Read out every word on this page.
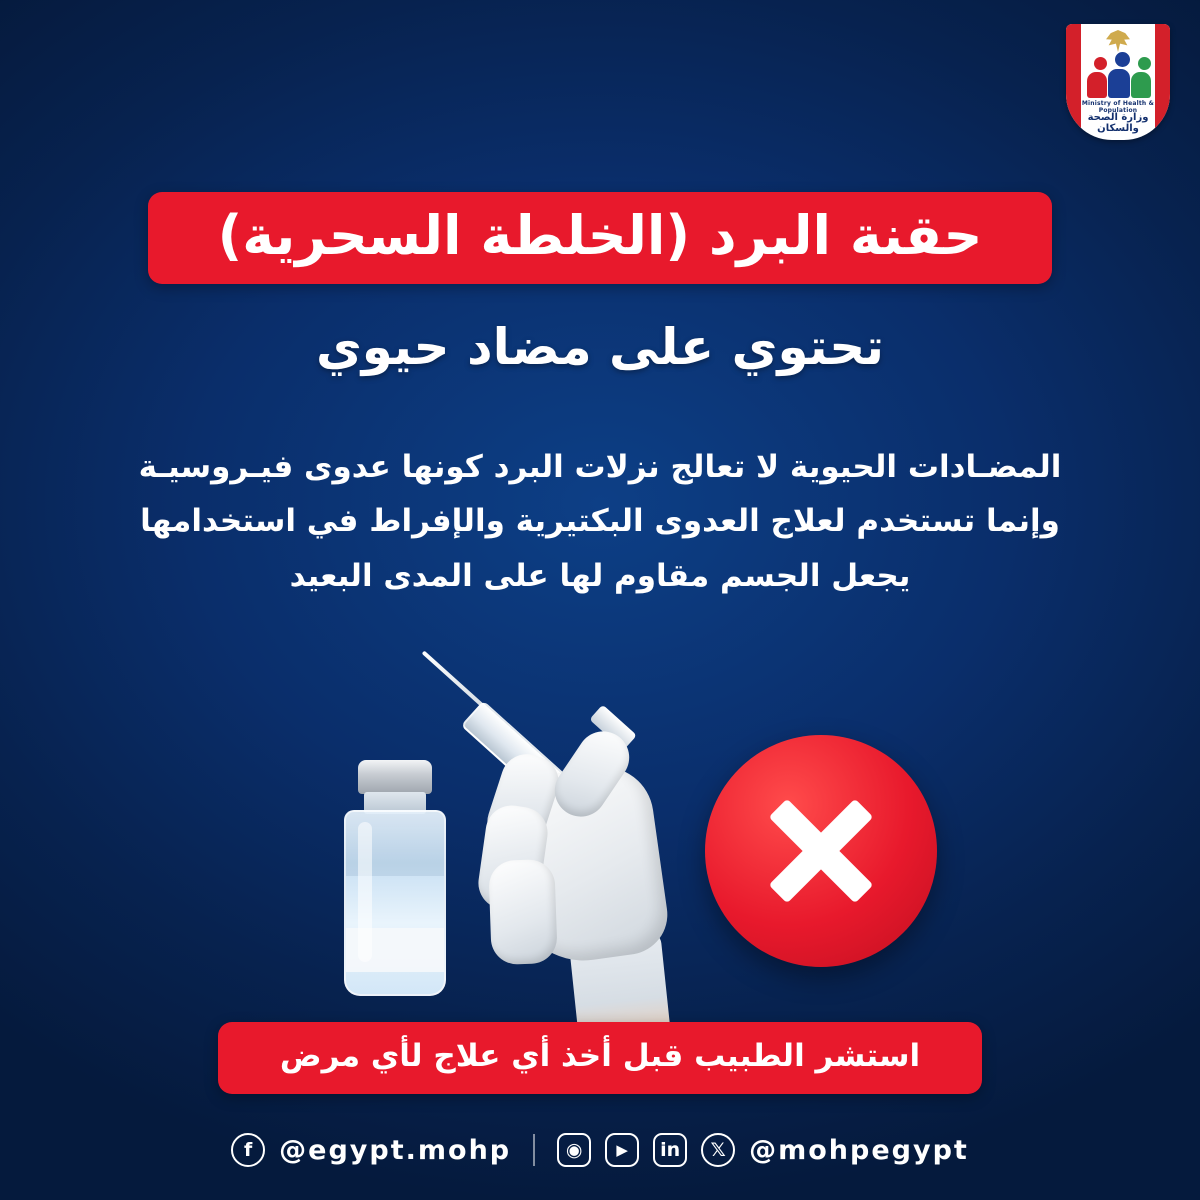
Ministry of Health & Population
وزارة الصحة والسكان
حقنة البرد (الخلطة السحرية)
تحتوي على مضاد حيوي
المضـادات الحيوية لا تعالج نزلات البرد كونها عدوى فيـروسيـة
وإنما تستخدم لعلاج العدوى البكتيرية والإفراط في استخدامها
يجعل الجسم مقاوم لها على المدى البعيد
استشر الطبيب قبل أخذ أي علاج لأي مرض
f @egypt.mohp	◉	▶	in	𝕏 @mohpegypt
